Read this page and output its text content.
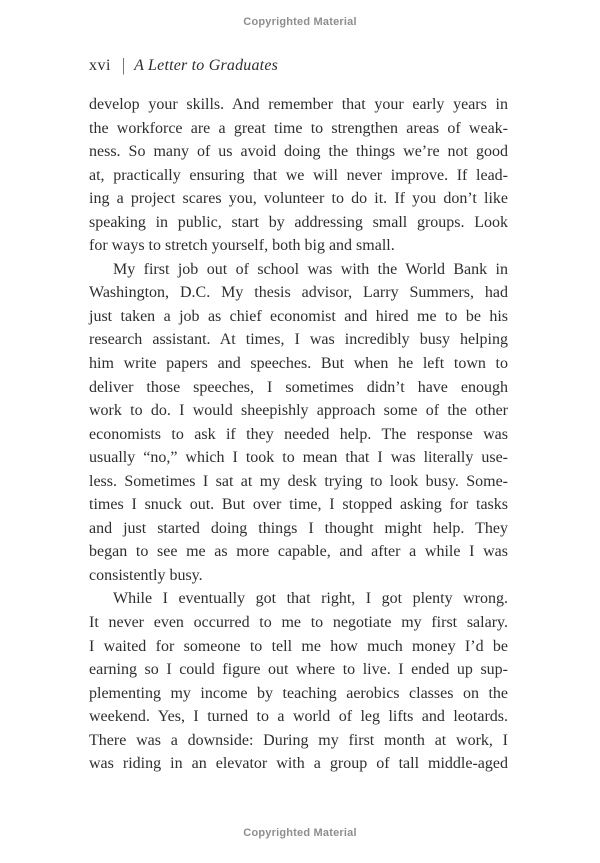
Copyrighted Material
xvi | A Letter to Graduates
develop your skills. And remember that your early years in
the workforce are a great time to strengthen areas of weak-
ness. So many of us avoid doing the things we’re not good
at, practically ensuring that we will never improve. If lead-
ing a project scares you, volunteer to do it. If you don’t like
speaking in public, start by addressing small groups. Look
for ways to stretch yourself, both big and small.
My first job out of school was with the World Bank in
Washington, D.C. My thesis advisor, Larry Summers, had
just taken a job as chief economist and hired me to be his
research assistant. At times, I was incredibly busy helping
him write papers and speeches. But when he left town to
deliver those speeches, I sometimes didn’t have enough
work to do. I would sheepishly approach some of the other
economists to ask if they needed help. The response was
usually “no,” which I took to mean that I was literally use-
less. Sometimes I sat at my desk trying to look busy. Some-
times I snuck out. But over time, I stopped asking for tasks
and just started doing things I thought might help. They
began to see me as more capable, and after a while I was
consistently busy.
While I eventually got that right, I got plenty wrong.
It never even occurred to me to negotiate my first salary.
I waited for someone to tell me how much money I’d be
earning so I could figure out where to live. I ended up sup-
plementing my income by teaching aerobics classes on the
weekend. Yes, I turned to a world of leg lifts and leotards.
There was a downside: During my first month at work, I
was riding in an elevator with a group of tall middle-aged
Copyrighted Material
